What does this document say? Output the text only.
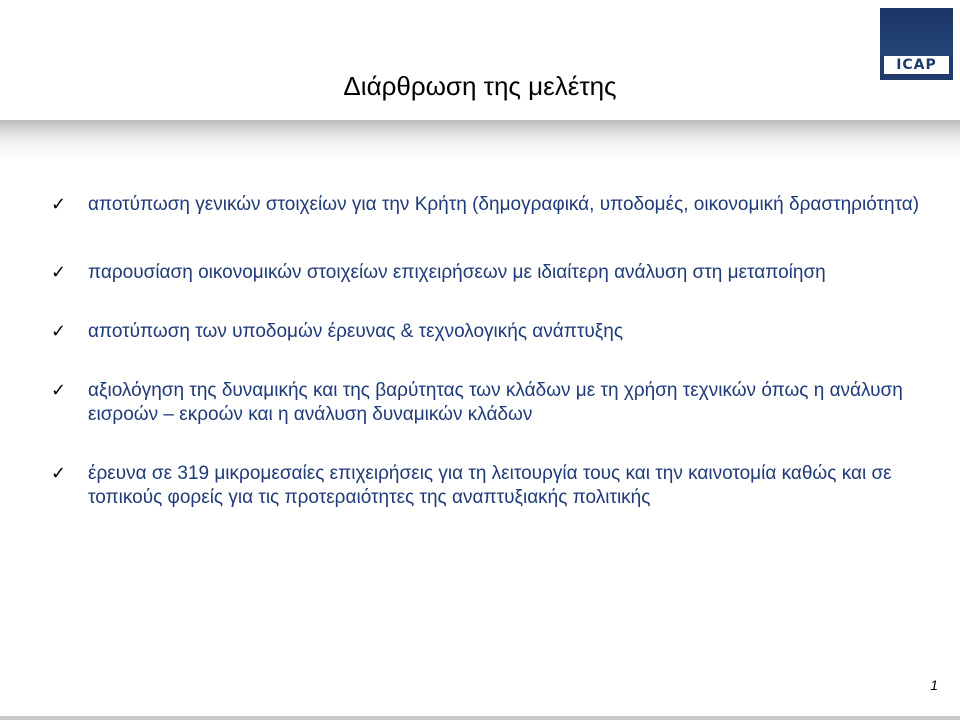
ICAP
Διάρθρωση της μελέτης
✓ αποτύπωση γενικών στοιχείων για την Κρήτη (δημογραφικά, υποδομές, οικονομική δραστηριότητα)
✓ παρουσίαση οικονομικών στοιχείων επιχειρήσεων με ιδιαίτερη ανάλυση στη μεταποίηση
✓ αποτύπωση των υποδομών έρευνας & τεχνολογικής ανάπτυξης
✓ αξιολόγηση της δυναμικής και της βαρύτητας των κλάδων με τη χρήση τεχνικών όπως η ανάλυση εισροών – εκροών και η ανάλυση δυναμικών κλάδων
✓ έρευνα σε 319 μικρομεσαίες επιχειρήσεις για τη λειτουργία τους και την καινοτομία καθώς και σε τοπικούς φορείς για τις προτεραιότητες της αναπτυξιακής πολιτικής
1
